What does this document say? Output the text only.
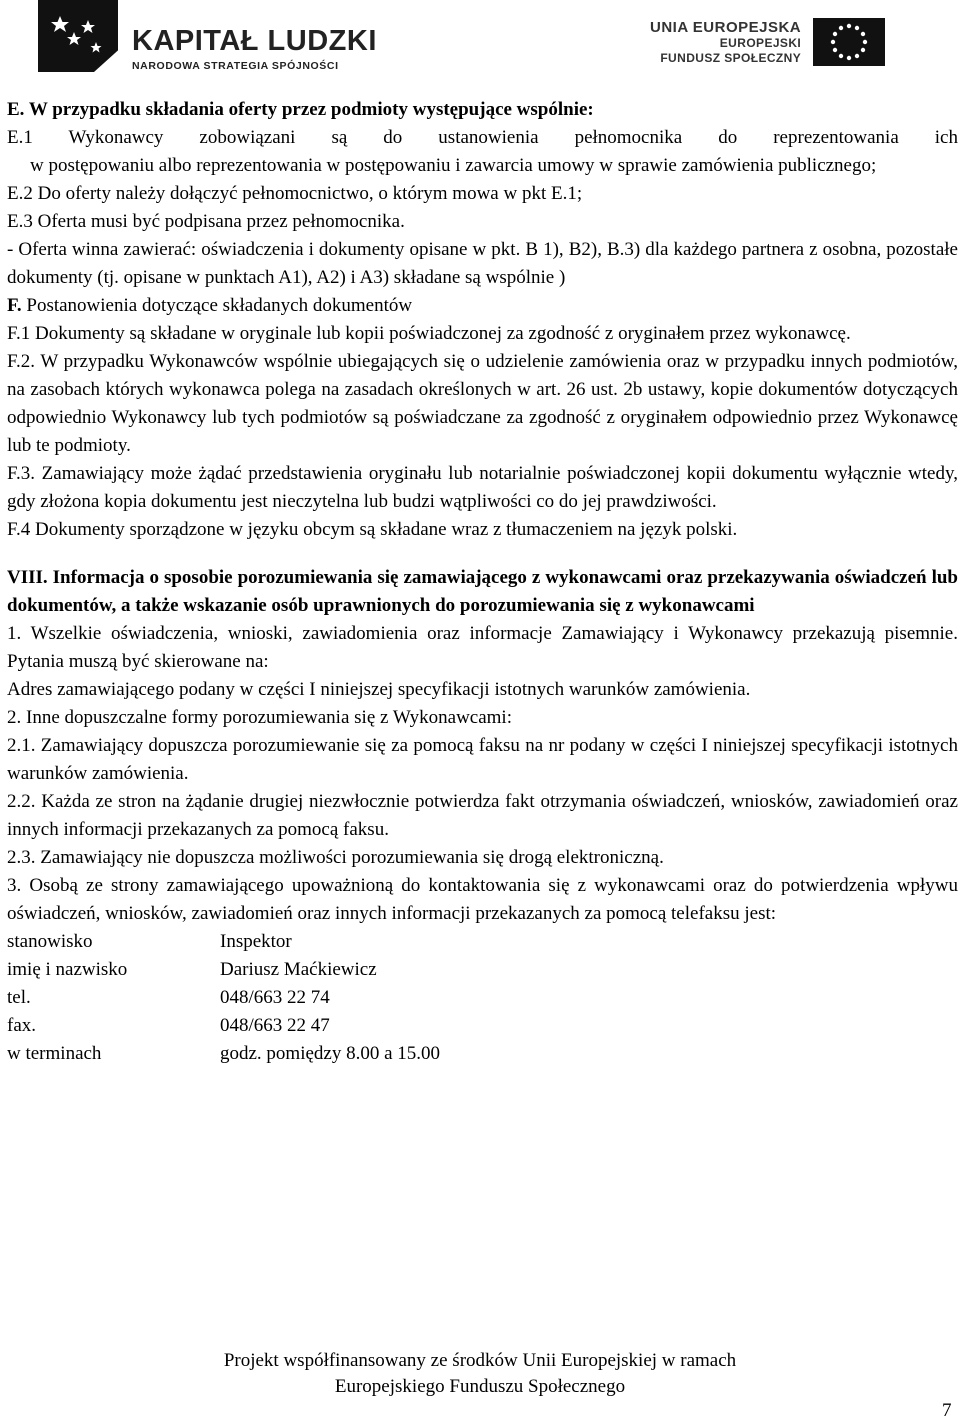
KAPITAŁ LUDZKI
NARODOWA STRATEGIA SPÓJNOŚCI
UNIA EUROPEJSKA
EUROPEJSKI
FUNDUSZ SPOŁECZNY

E. W przypadku składania oferty przez podmioty występujące wspólnie:

E.1 Wykonawcy zobowiązani są do ustanowienia pełnomocnika do reprezentowania ich

w postępowaniu albo reprezentowania w postępowaniu i zawarcia umowy w sprawie zamówienia publicznego;

E.2 Do oferty należy dołączyć pełnomocnictwo, o którym mowa w pkt E.1;

E.3 Oferta musi być podpisana przez pełnomocnika.

- Oferta winna zawierać: oświadczenia i dokumenty opisane w pkt. B 1), B2), B.3) dla każdego partnera z osobna, pozostałe dokumenty (tj. opisane w punktach A1), A2) i A3) składane są wspólnie )

F. Postanowienia dotyczące składanych dokumentów

F.1 Dokumenty są składane w oryginale lub kopii poświadczonej za zgodność z oryginałem przez wykonawcę.

F.2. W przypadku Wykonawców wspólnie ubiegających się o udzielenie zamówienia oraz w przypadku innych podmiotów, na zasobach których wykonawca polega na zasadach określonych w art. 26 ust. 2b ustawy, kopie dokumentów dotyczących odpowiednio Wykonawcy lub tych podmiotów są poświadczane za zgodność z oryginałem odpowiednio przez Wykonawcę lub te podmioty.

F.3. Zamawiający może żądać przedstawienia oryginału lub notarialnie poświadczonej kopii dokumentu wyłącznie wtedy, gdy złożona kopia dokumentu jest nieczytelna lub budzi wątpliwości co do jej prawdziwości.

F.4 Dokumenty sporządzone w języku obcym są składane wraz z tłumaczeniem na język polski.

VIII. Informacja o sposobie porozumiewania się zamawiającego z wykonawcami oraz przekazywania oświadczeń lub dokumentów, a także wskazanie osób uprawnionych do porozumiewania się z wykonawcami

1. Wszelkie oświadczenia, wnioski, zawiadomienia oraz informacje Zamawiający i Wykonawcy przekazują pisemnie. Pytania muszą być skierowane na:

Adres zamawiającego podany w części I niniejszej specyfikacji istotnych warunków zamówienia.

2. Inne dopuszczalne formy porozumiewania się z Wykonawcami:

2.1. Zamawiający dopuszcza porozumiewanie się za pomocą faksu na nr podany w części I niniejszej specyfikacji istotnych warunków zamówienia.

2.2. Każda ze stron na żądanie drugiej niezwłocznie potwierdza fakt otrzymania oświadczeń, wniosków, zawiadomień oraz innych informacji przekazanych za pomocą faksu.

2.3. Zamawiający nie dopuszcza możliwości porozumiewania się drogą elektroniczną.

3. Osobą ze strony zamawiającego upoważnioną do kontaktowania się z wykonawcami oraz do potwierdzenia wpływu oświadczeń, wniosków, zawiadomień oraz innych informacji przekazanych za pomocą telefaksu jest:

stanowisko	Inspektor
imię i nazwisko	Dariusz Maćkiewicz
tel.	048/663 22 74
fax.	048/663 22 47
w terminach	godz. pomiędzy 8.00 a 15.00
Projekt współfinansowany ze środków Unii Europejskiej w ramach
Europejskiego Funduszu Społecznego
7
